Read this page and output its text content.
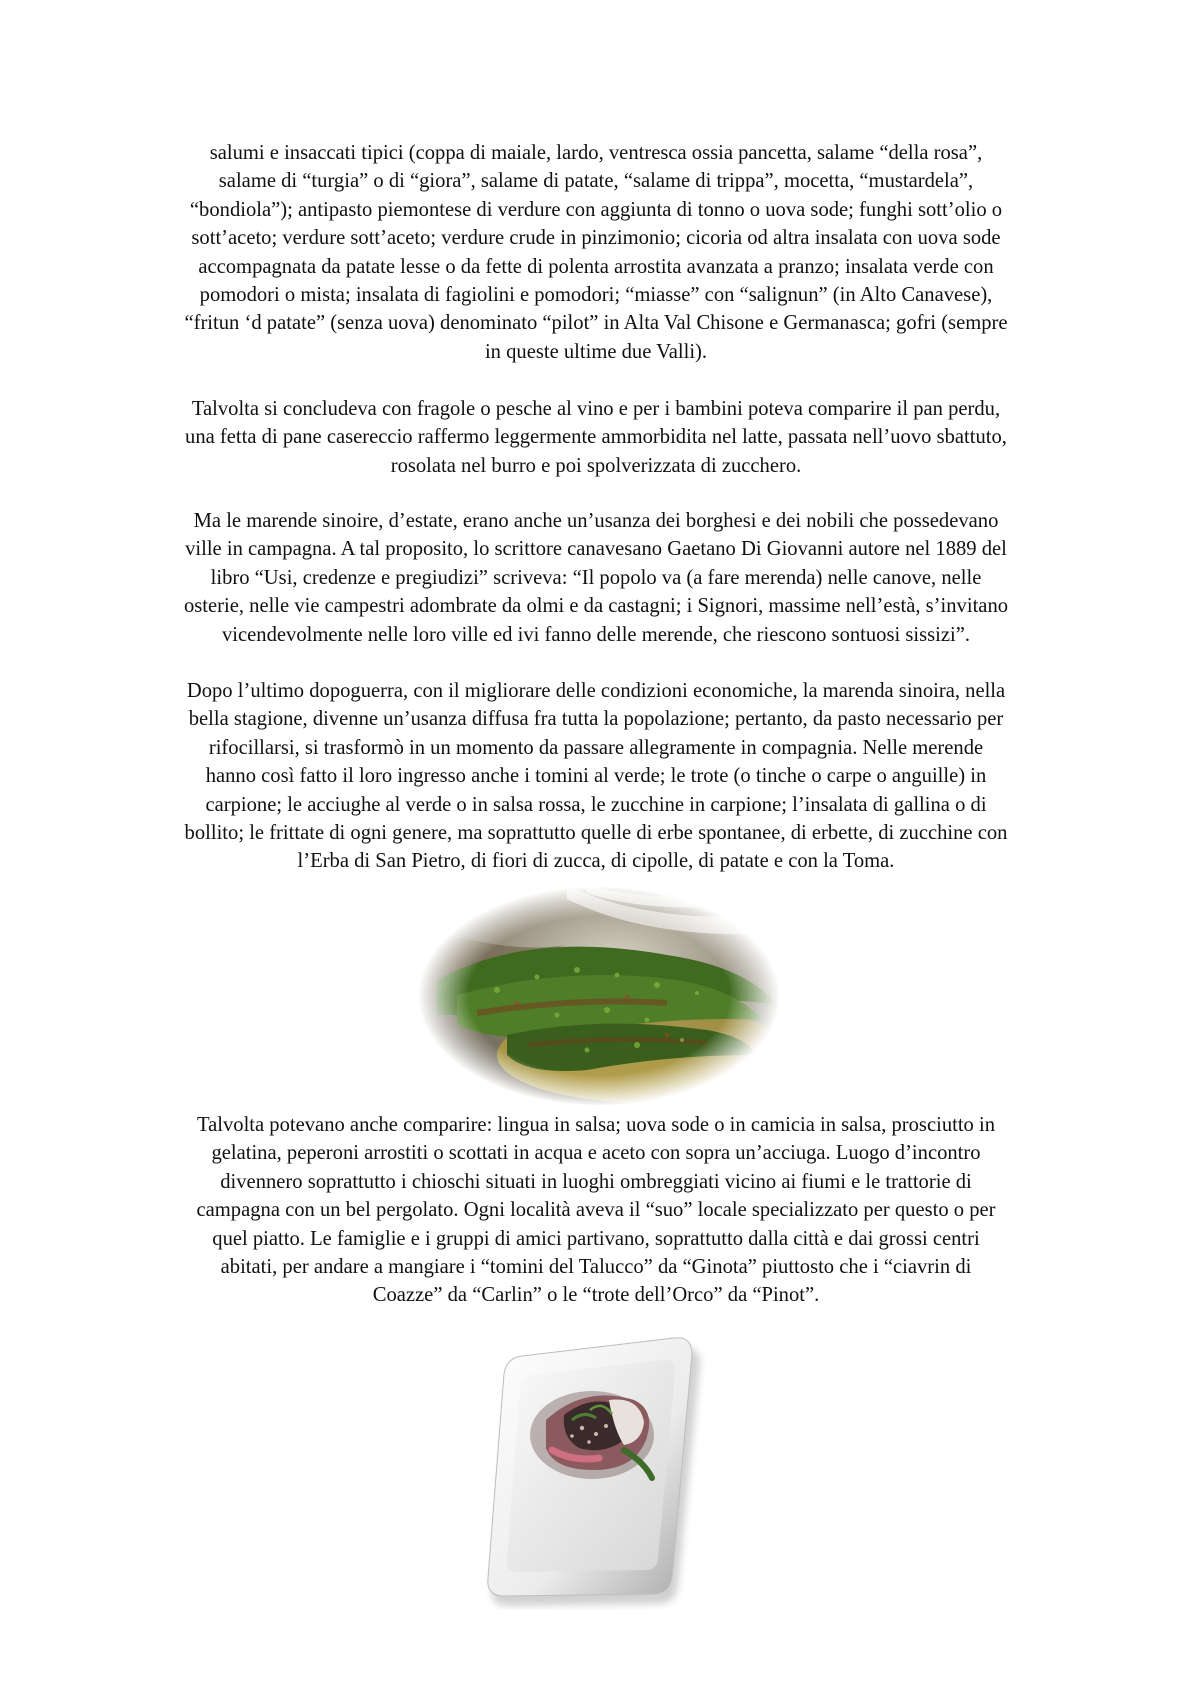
salumi e insaccati tipici (coppa di maiale, lardo, ventresca ossia pancetta, salame “della rosa”,
salame di “turgia” o di “giora”, salame di patate, “salame di trippa”, mocetta, “mustardela”,
“bondiola”); antipasto piemontese di verdure con aggiunta di tonno o uova sode; funghi sott’olio o
sott’aceto; verdure sott’aceto; verdure crude in pinzimonio; cicoria od altra insalata con uova sode
accompagnata da patate lesse o da fette di polenta arrostita avanzata a pranzo; insalata verde con
pomodori o mista; insalata di fagiolini e pomodori; “miasse” con “salignun” (in Alto Canavese),
“fritun ‘d patate” (senza uova) denominato “pilot” in Alta Val Chisone e Germanasca; gofri (sempre
in queste ultime due Valli).

Talvolta si concludeva con fragole o pesche al vino e per i bambini poteva comparire il pan perdu,
una fetta di pane casereccio raffermo leggermente ammorbidita nel latte, passata nell’uovo sbattuto,
rosolata nel burro e poi spolverizzata di zucchero.

Ma le marende sinoire, d’estate, erano anche un’usanza dei borghesi e dei nobili che possedevano
ville in campagna. A tal proposito, lo scrittore canavesano Gaetano Di Giovanni autore nel 1889 del
libro “Usi, credenze e pregiudizi” scriveva: “Il popolo va (a fare merenda) nelle canove, nelle
osterie, nelle vie campestri adombrate da olmi e da castagni; i Signori, massime nell’està, s’invitano
vicendevolmente nelle loro ville ed ivi fanno delle merende, che riescono sontuosi sissizi”.

Dopo l’ultimo dopoguerra, con il migliorare delle condizioni economiche, la marenda sinoira, nella
bella stagione, divenne un’usanza diffusa fra tutta la popolazione; pertanto, da pasto necessario per
rifocillarsi, si trasformò in un momento da passare allegramente in compagnia. Nelle merende
hanno così fatto il loro ingresso anche i tomini al verde; le trote (o tinche o carpe o anguille) in
carpione; le acciughe al verde o in salsa rossa, le zucchine in carpione; l’insalata di gallina o di
bollito; le frittate di ogni genere, ma soprattutto quelle di erbe spontanee, di erbette, di zucchine con
l’Erba di San Pietro, di fiori di zucca, di cipolle, di patate e con la Toma.

Talvolta potevano anche comparire: lingua in salsa; uova sode o in camicia in salsa, prosciutto in
gelatina, peperoni arrostiti o scottati in acqua e aceto con sopra un’acciuga. Luogo d’incontro
divennero soprattutto i chioschi situati in luoghi ombreggiati vicino ai fiumi e le trattorie di
campagna con un bel pergolato. Ogni località aveva il “suo” locale specializzato per questo o per
quel piatto. Le famiglie e i gruppi di amici partivano, soprattutto dalla città e dai grossi centri
abitati, per andare a mangiare i “tomini del Talucco” da “Ginota” piuttosto che i “ciavrin di
Coazze” da “Carlin” o le “trote dell’Orco” da “Pinot”.
